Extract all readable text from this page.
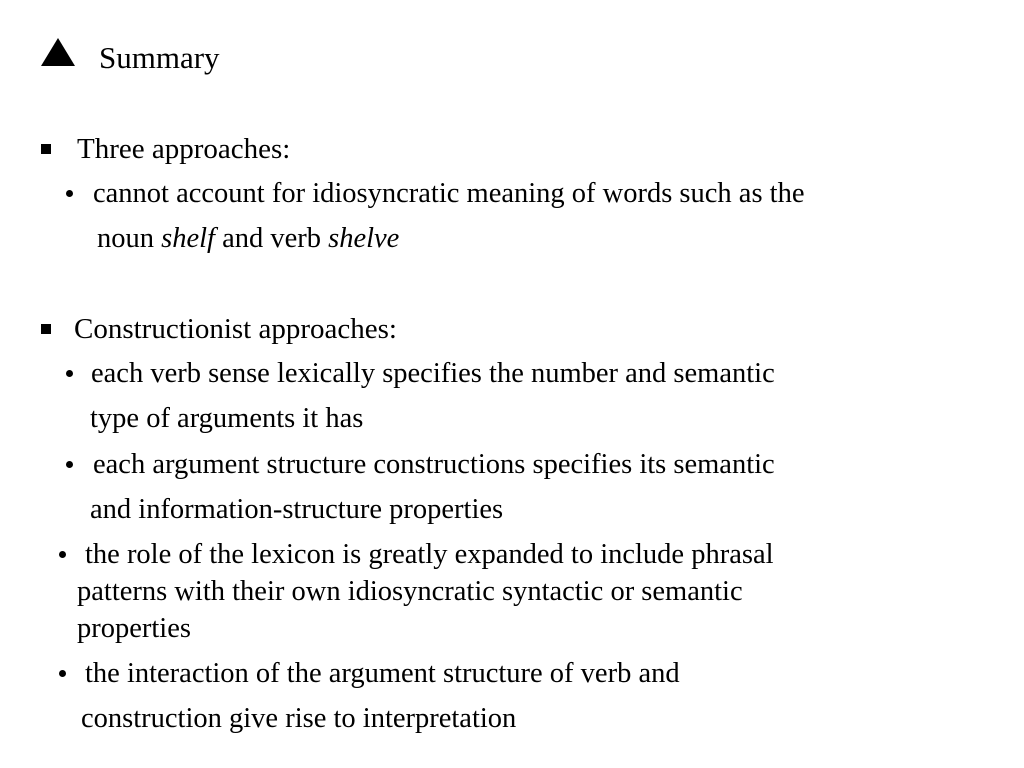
Summary
Three approaches:
cannot account for idiosyncratic meaning of words such as the
noun shelf and verb shelve
Constructionist approaches:
each verb sense lexically specifies the number and semantic
type of arguments it has
each argument structure constructions specifies its semantic
and information-structure properties
the role of the lexicon is greatly expanded to include phrasal
patterns with their own idiosyncratic syntactic or semantic
properties
the interaction of the argument structure of verb and
construction give rise to interpretation
